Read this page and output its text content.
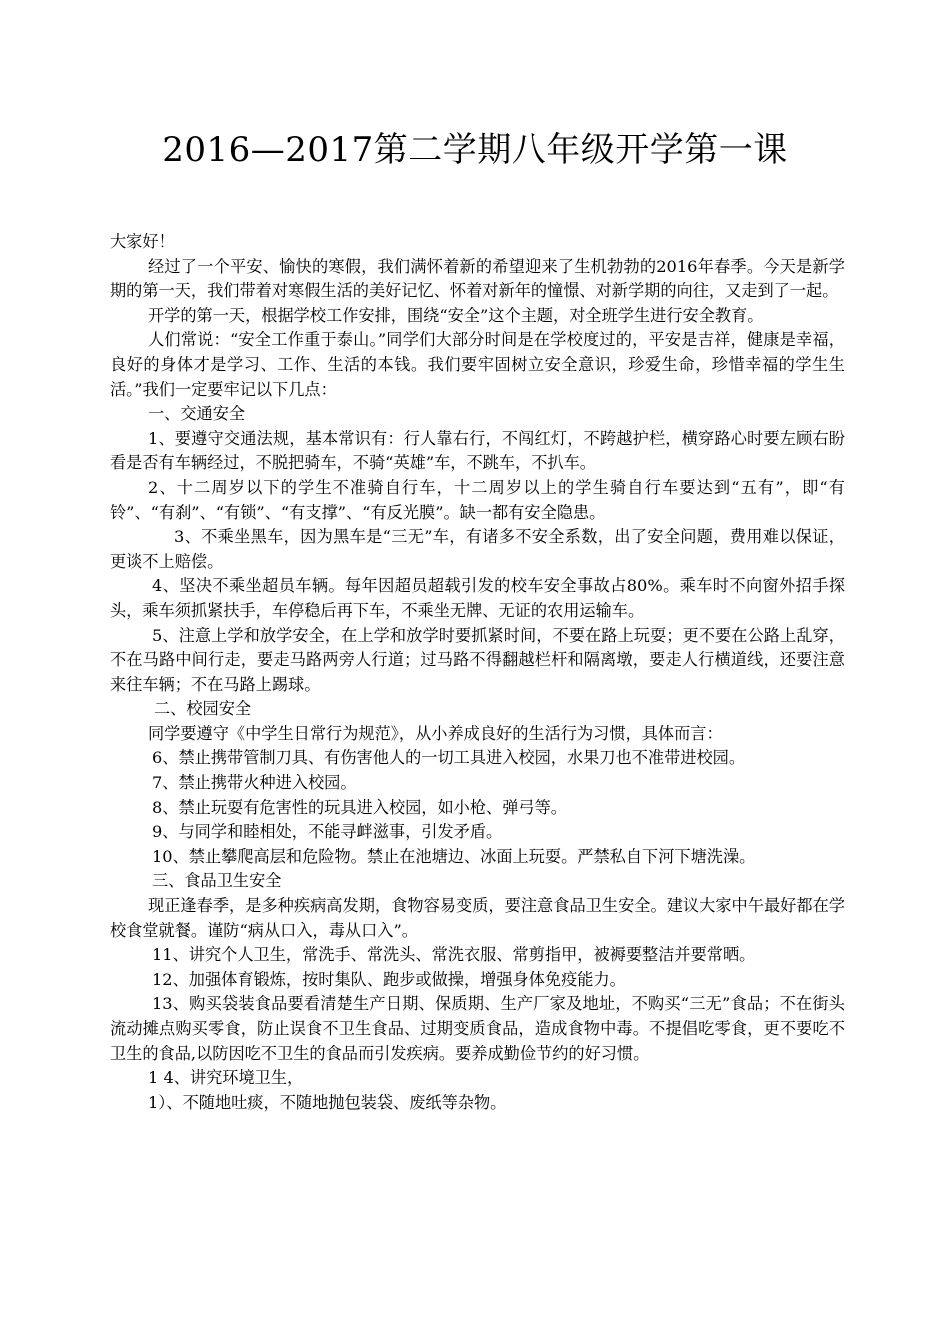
2016—2017第二学期八年级开学第一课

大家好！

经过了一个平安、愉快的寒假，我们满怀着新的希望迎来了生机勃勃的2016年春季。今天是新学期的第一天，我们带着对寒假生活的美好记忆、怀着对新年的憧憬、对新学期的向往，又走到了一起。

开学的第一天，根据学校工作安排，围绕“安全”这个主题，对全班学生进行安全教育。

人们常说：“安全工作重于泰山。”同学们大部分时间是在学校度过的，平安是吉祥，健康是幸福，良好的身体才是学习、工作、生活的本钱。我们要牢固树立安全意识，珍爱生命，珍惜幸福的学生生活。”我们一定要牢记以下几点：

一、交通安全

1、要遵守交通法规，基本常识有：行人靠右行，不闯红灯，不跨越护栏，横穿路心时要左顾右盼看是否有车辆经过，不脱把骑车，不骑“英雄”车，不跳车，不扒车。

2、十二周岁以下的学生不准骑自行车，十二周岁以上的学生骑自行车要达到“五有”，即“有铃”、“有刹”、“有锁”、“有支撑”、“有反光膜”。缺一都有安全隐患。

3、不乘坐黑车，因为黑车是“三无”车，有诸多不安全系数，出了安全问题，费用难以保证，更谈不上赔偿。

4、坚决不乘坐超员车辆。每年因超员超载引发的校车安全事故占80%。乘车时不向窗外招手探头，乘车须抓紧扶手，车停稳后再下车，不乘坐无牌、无证的农用运输车。

5、注意上学和放学安全，在上学和放学时要抓紧时间，不要在路上玩耍；更不要在公路上乱穿，不在马路中间行走，要走马路两旁人行道；过马路不得翻越栏杆和隔离墩，要走人行横道线，还要注意来往车辆；不在马路上踢球。

二、校园安全

同学要遵守《中学生日常行为规范》，从小养成良好的生活行为习惯，具体而言：

6、禁止携带管制刀具、有伤害他人的一切工具进入校园，水果刀也不准带进校园。

7、禁止携带火种进入校园。

8、禁止玩耍有危害性的玩具进入校园，如小枪、弹弓等。

9、与同学和睦相处，不能寻衅滋事，引发矛盾。

10、禁止攀爬高层和危险物。禁止在池塘边、冰面上玩耍。严禁私自下河下塘洗澡。

三、食品卫生安全

现正逢春季，是多种疾病高发期，食物容易变质，要注意食品卫生安全。建议大家中午最好都在学校食堂就餐。谨防“病从口入，毒从口入”。

11、讲究个人卫生，常洗手、常洗头、常洗衣服、常剪指甲，被褥要整洁并要常晒。

12、加强体育锻炼，按时集队、跑步或做操，增强身体免疫能力。

13、购买袋装食品要看清楚生产日期、保质期、生产厂家及地址，不购买“三无”食品；不在街头流动摊点购买零食，防止误食不卫生食品、过期变质食品，造成食物中毒。不提倡吃零食，更不要吃不卫生的食品,以防因吃不卫生的食品而引发疾病。要养成勤俭节约的好习惯。

1 4、讲究环境卫生，

1）、不随地吐痰，不随地抛包装袋、废纸等杂物。
